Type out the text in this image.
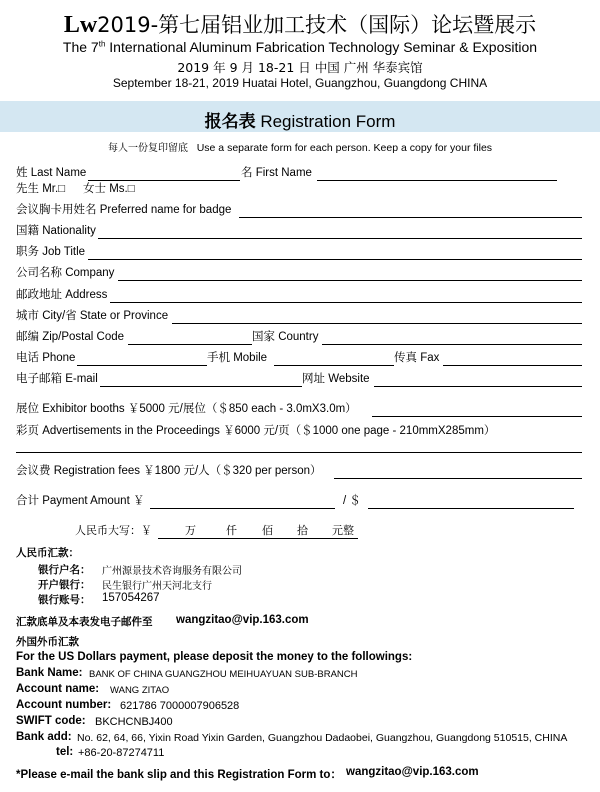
Lw2019-第七届铝业加工技术（国际）论坛暨展示
The 7th International Aluminum Fabrication Technology Seminar & Exposition
2019 年 9 月 18-21 日 中国 广州 华泰宾馆
September 18-21, 2019 Huatai Hotel, Guangzhou, Guangdong CHINA
报名表 Registration Form
每人一份复印留底 Use a separate form for each person. Keep a copy for your files
姓 Last Name	名 First Name
先生 Mr.□ 女士 Ms.□
会议胸卡用姓名 Preferred name for badge
国籍 Nationality
职务 Job Title
公司名称 Company
邮政地址 Address
城市 City/省 State or Province
邮编 Zip/Postal Code	国家 Country
电话 Phone	手机 Mobile	传真 Fax
电子邮箱 E-mail	网址 Website
展位 Exhibitor booths ￥5000 元/展位（＄850 each - 3.0mX3.0m）
彩页 Advertisements in the Proceedings ￥6000 元/页（＄1000 one page - 210mmX285mm）
会议费 Registration fees ￥1800 元/人（＄320 per person）
合计 Payment Amount ￥	/ ＄
人民币大写：￥	万	仟 佰 拾 元整
人民币汇款：
银行户名： 广州源景技术咨询服务有限公司
开户银行： 民生银行广州天河北支行
银行账号： 157054267
汇款底单及本表发电子邮件至 wangzitao@vip.163.com
外国外币汇款
For the US Dollars payment, please deposit the money to the followings:
Bank Name: BANK OF CHINA GUANGZHOU MEIHUAYUAN SUB-BRANCH
Account name: WANG ZITAO
Account number: 621786 7000007906528
SWIFT code: BKCHCNBJ400
Bank add: No. 62, 64, 66, Yixin Road Yixin Garden, Guangzhou Dadaobei, Guangzhou, Guangdong 510515, CHINA
tel: +86-20-87274711
*Please e-mail the bank slip and this Registration Form to： wangzitao@vip.163.com
